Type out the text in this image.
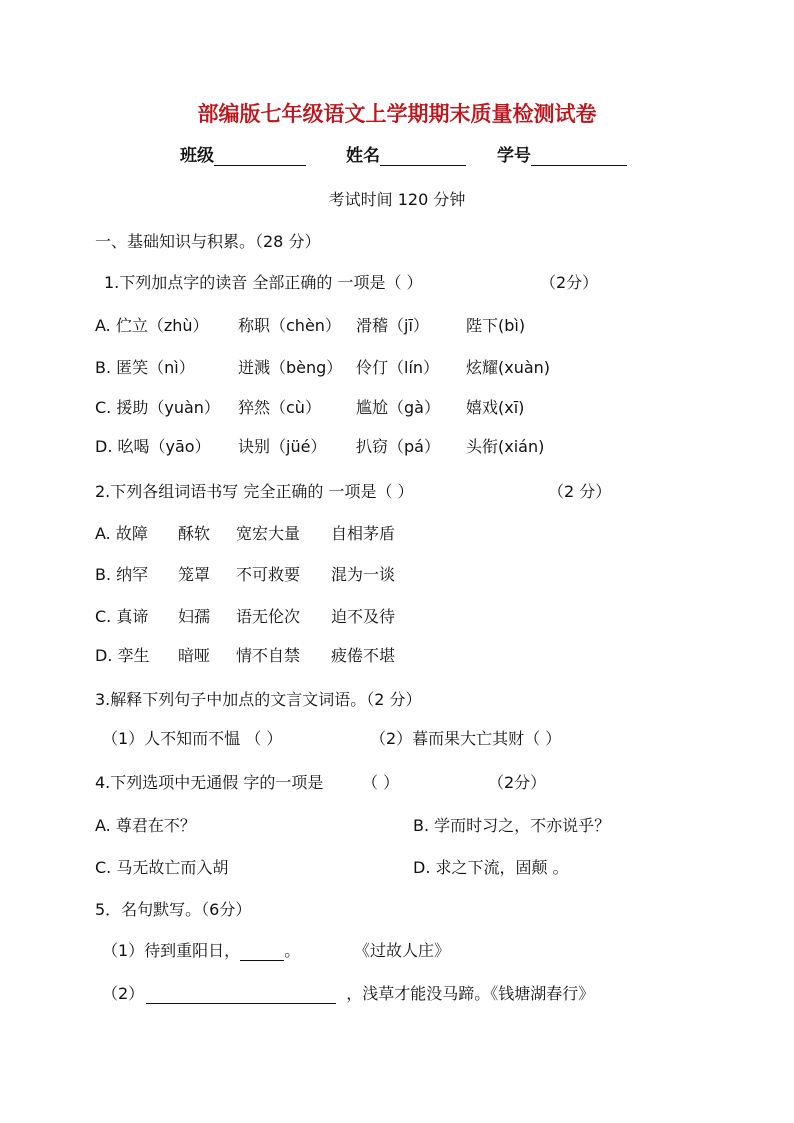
部编版七年级语文上学期期末质量检测试卷
班级	姓名	学号
考试时间 120 分钟
一、基础知识与积累。（28 分）
1.下列加点字的读音 全部正确的 一项是（ ）	（2分）
A. 伫立（zhù） 称职（chèn） 滑稽（jī） 陛下(bì)
B. 匿笑（nì）	迸溅（bèng） 伶仃（lín） 炫耀(xuàn)
C. 援助（yuàn） 猝然（cù） 尴尬（gà） 嬉戏(xī)
D. 吆喝（yāo） 诀别（jüé） 扒窃（pá） 头衔(xián)
2.下列各组词语书写 完全正确的 一项是（ ）	（2 分）
A. 故障 酥软 宽宏大量 自相茅盾
B. 纳罕 笼罩 不可救要 混为一谈
C. 真谛 妇孺 语无伦次 迫不及待
D. 孪生 暗哑 情不自禁 疲倦不堪
3.解释下列句子中加点的文言文词语。（2 分）
（1）人不知而不愠 （ ）	（2）暮而果大亡其财（ ）
4.下列选项中无通假 字的一项是 （ ）	（2分）
A. 尊君在不？	B. 学而时习之，不亦说乎？
C. 马无故亡而入胡	D. 求之下流，固颠 。
5．名句默写。（6分）
（1）待到重阳日，	。	《过故人庄》
（2）	，浅草才能没马蹄。《钱塘湖春行》
